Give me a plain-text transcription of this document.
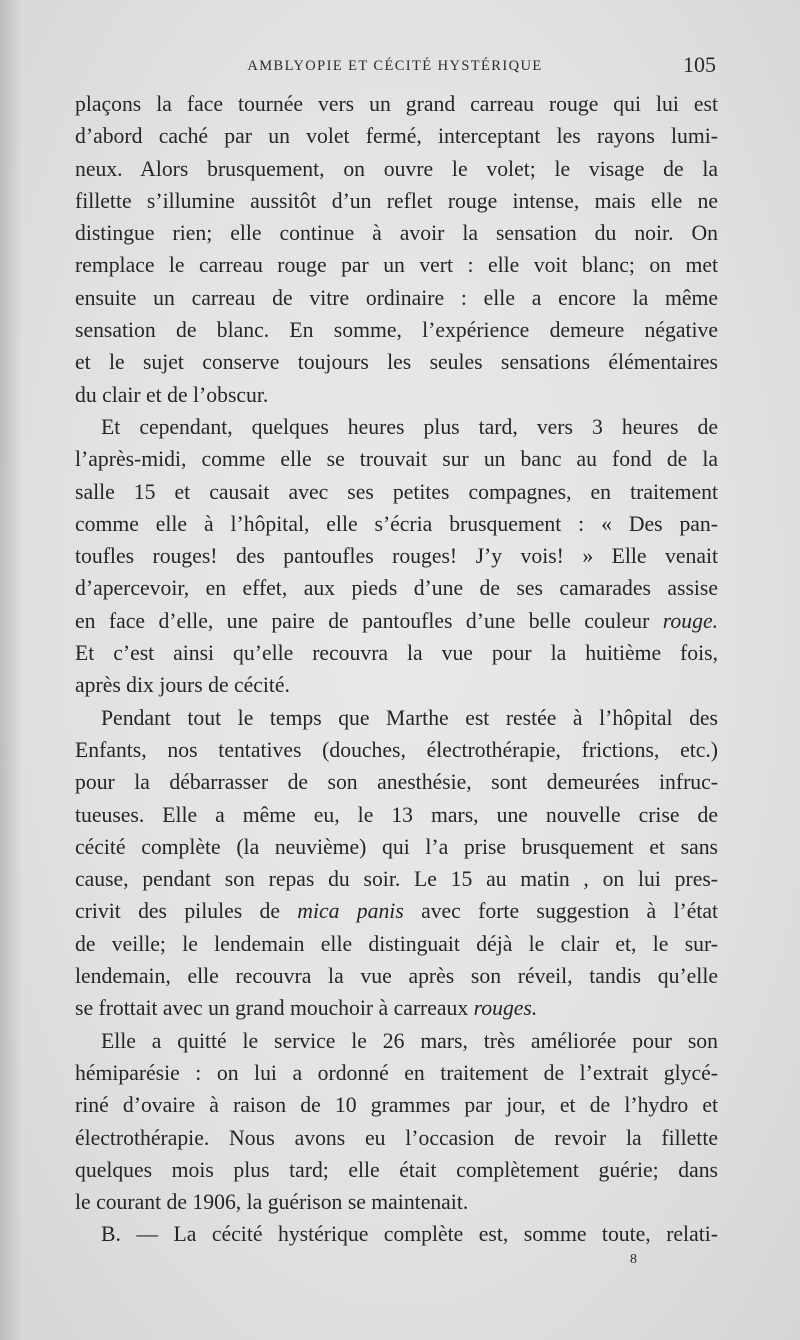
AMBLYOPIE ET CÉCITÉ HYSTÉRIQUE	105
plaçons la face tournée vers un grand carreau rouge qui lui est
d’abord caché par un volet fermé, interceptant les rayons lumi-
neux. Alors brusquement, on ouvre le volet; le visage de la
fillette s’illumine aussitôt d’un reflet rouge intense, mais elle ne
distingue rien; elle continue à avoir la sensation du noir. On
remplace le carreau rouge par un vert : elle voit blanc; on met
ensuite un carreau de vitre ordinaire : elle a encore la même
sensation de blanc. En somme, l’expérience demeure négative
et le sujet conserve toujours les seules sensations élémentaires
du clair et de l’obscur.
Et cependant, quelques heures plus tard, vers 3 heures de
l’après-midi, comme elle se trouvait sur un banc au fond de la
salle 15 et causait avec ses petites compagnes, en traitement
comme elle à l’hôpital, elle s’écria brusquement : « Des pan-
toufles rouges! des pantoufles rouges! J’y vois! » Elle venait
d’apercevoir, en effet, aux pieds d’une de ses camarades assise
en face d’elle, une paire de pantoufles d’une belle couleur rouge.
Et c’est ainsi qu’elle recouvra la vue pour la huitième fois,
après dix jours de cécité.
Pendant tout le temps que Marthe est restée à l’hôpital des
Enfants, nos tentatives (douches, électrothérapie, frictions, etc.)
pour la débarrasser de son anesthésie, sont demeurées infruc-
tueuses. Elle a même eu, le 13 mars, une nouvelle crise de
cécité complète (la neuvième) qui l’a prise brusquement et sans
cause, pendant son repas du soir. Le 15 au matin , on lui pres-
crivit des pilules de mica panis avec forte suggestion à l’état
de veille; le lendemain elle distinguait déjà le clair et, le sur-
lendemain, elle recouvra la vue après son réveil, tandis qu’elle
se frottait avec un grand mouchoir à carreaux rouges.
Elle a quitté le service le 26 mars, très améliorée pour son
hémiparésie : on lui a ordonné en traitement de l’extrait glycé-
riné d’ovaire à raison de 10 grammes par jour, et de l’hydro et
électrothérapie. Nous avons eu l’occasion de revoir la fillette
quelques mois plus tard; elle était complètement guérie; dans
le courant de 1906, la guérison se maintenait.
B. — La cécité hystérique complète est, somme toute, relati-
8
